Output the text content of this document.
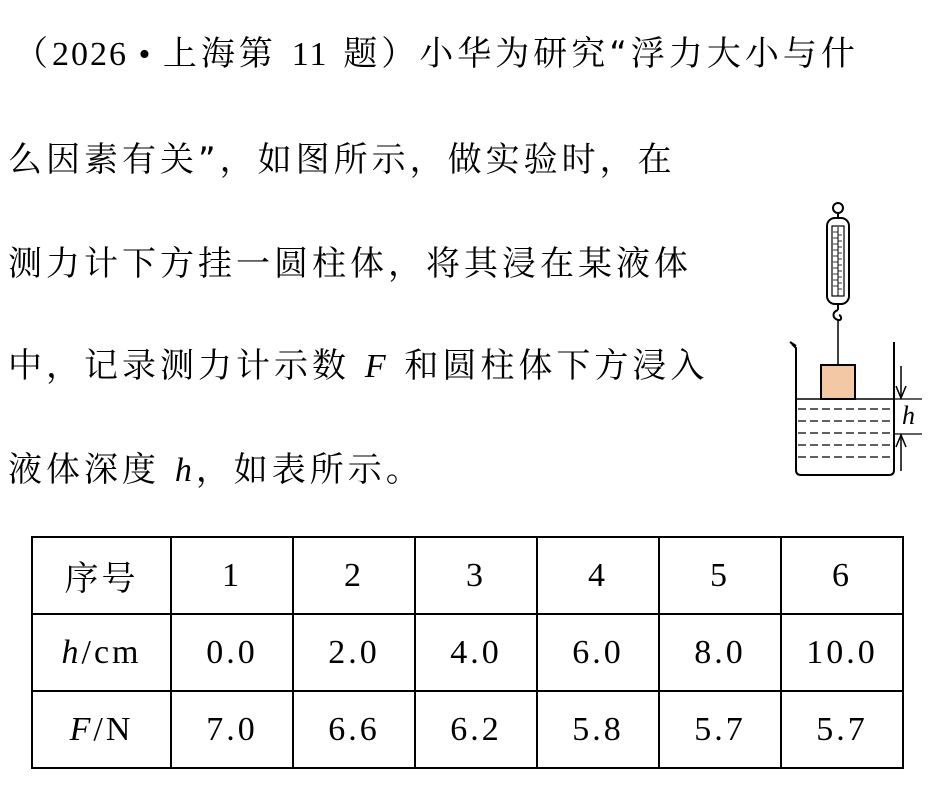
（2026 • 上海第 11 题）小华为研究“浮力大小与什
么因素有关”，如图所示，做实验时，在
测力计下方挂一圆柱体，将其浸在某液体
中，记录测力计示数 F 和圆柱体下方浸入
液体深度 h，如表所示。
h
序号	1	2	3	4	5	6
h/cm	0.0	2.0	4.0	6.0	8.0	10.0
F/N	7.0	6.6	6.2	5.8	5.7	5.7
